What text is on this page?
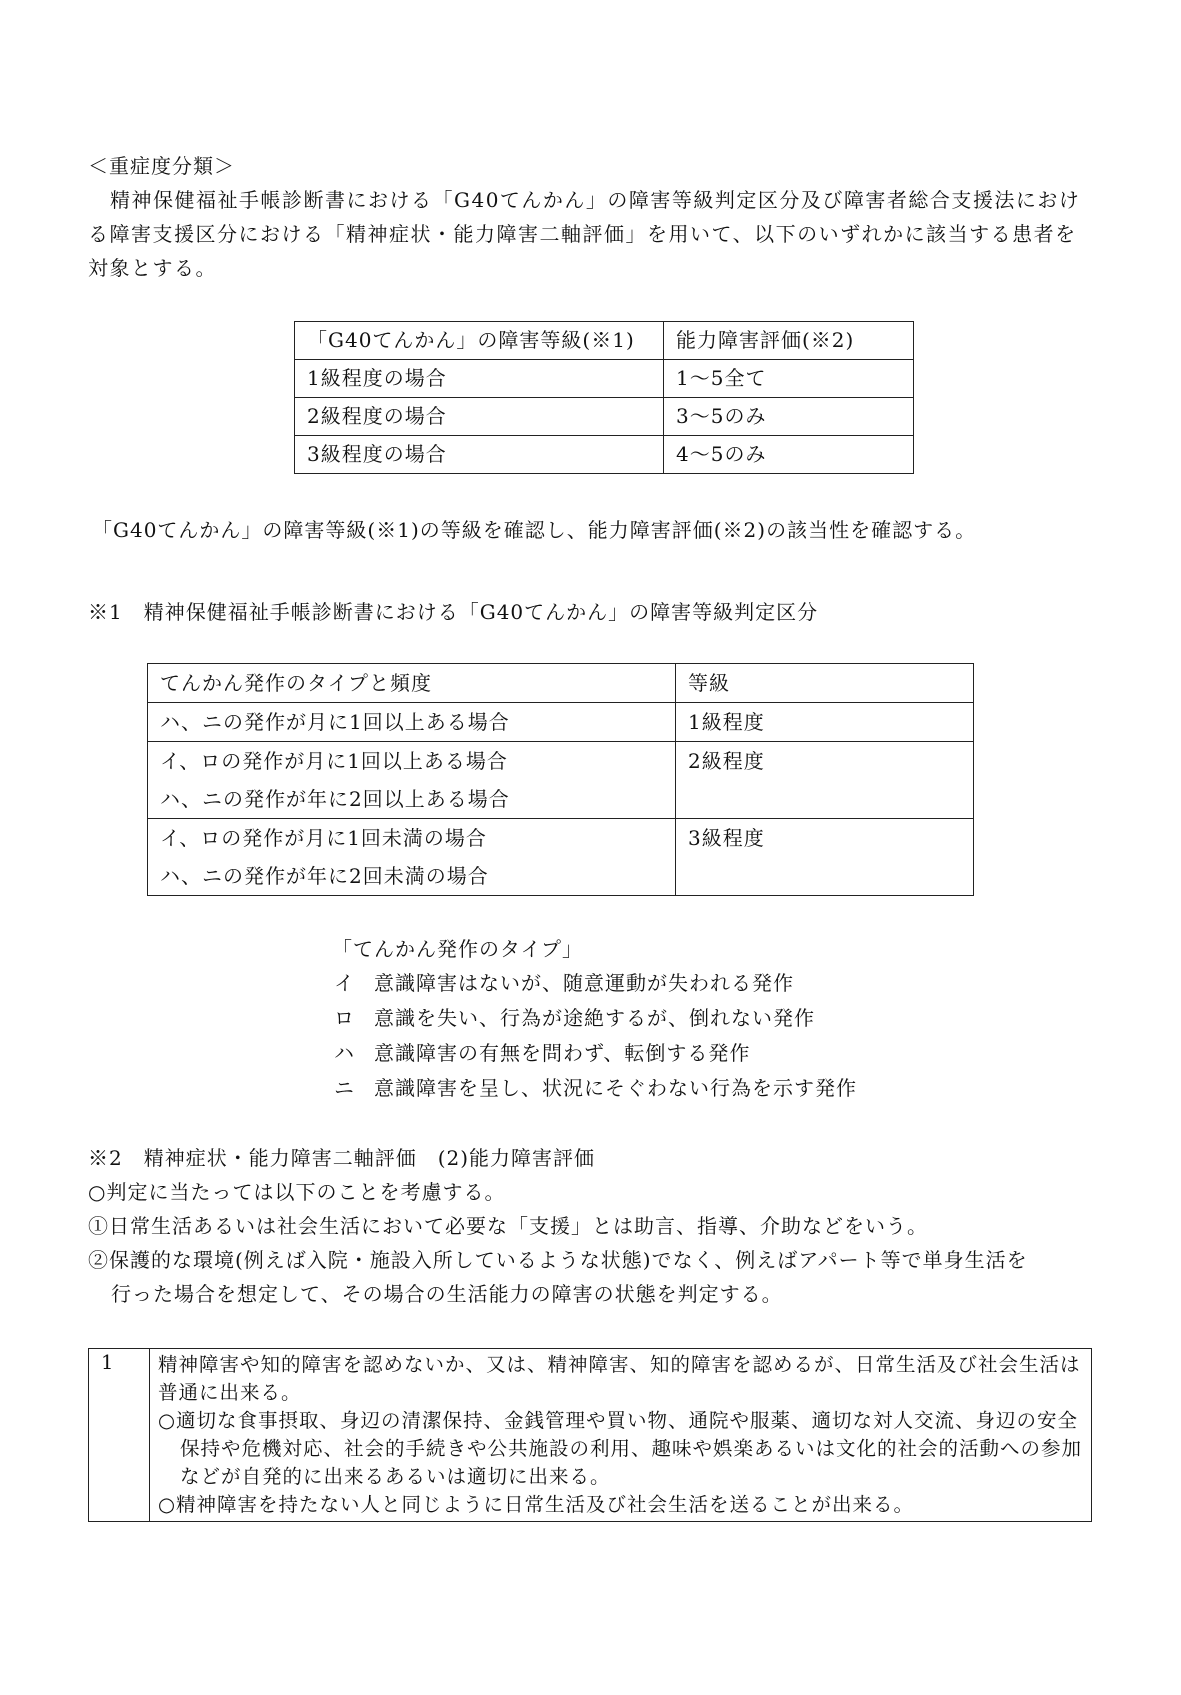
＜重症度分類＞
精神保健福祉手帳診断書における「G40てんかん」の障害等級判定区分及び障害者総合支援法における障害支援区分における「精神症状・能力障害二軸評価」を用いて、以下のいずれかに該当する患者を対象とする。
「G40てんかん」の障害等級(※1)	能力障害評価(※2)
1級程度の場合	1～5全て
2級程度の場合	3～5のみ
3級程度の場合	4～5のみ
「G40てんかん」の障害等級(※1)の等級を確認し、能力障害評価(※2)の該当性を確認する。
※1　精神保健福祉手帳診断書における「G40てんかん」の障害等級判定区分
てんかん発作のタイプと頻度	等級

ハ、ニの発作が月に1回以上ある場合	1級程度

イ、ロの発作が月に1回以上ある場合
ハ、ニの発作が年に2回以上ある場合	2級程度

イ、ロの発作が月に1回未満の場合
ハ、ニの発作が年に2回未満の場合	3級程度
「てんかん発作のタイプ」
イ 意識障害はないが、随意運動が失われる発作
ロ 意識を失い、行為が途絶するが、倒れない発作
ハ 意識障害の有無を問わず、転倒する発作
ニ 意識障害を呈し、状況にそぐわない行為を示す発作
※2　精神症状・能力障害二軸評価　(2)能力障害評価
○判定に当たっては以下のことを考慮する。
①日常生活あるいは社会生活において必要な「支援」とは助言、指導、介助などをいう。
②保護的な環境(例えば入院・施設入所しているような状態)でなく、例えばアパート等で単身生活を
行った場合を想定して、その場合の生活能力の障害の状態を判定する。
1	精神障害や知的障害を認めないか、又は、精神障害、知的障害を認めるが、日常生活及び社会生活は普通に出来る。
○適切な食事摂取、身辺の清潔保持、金銭管理や買い物、通院や服薬、適切な対人交流、身辺の安全保持や危機対応、社会的手続きや公共施設の利用、趣味や娯楽あるいは文化的社会的活動への参加などが自発的に出来るあるいは適切に出来る。
○精神障害を持たない人と同じように日常生活及び社会生活を送ることが出来る。
